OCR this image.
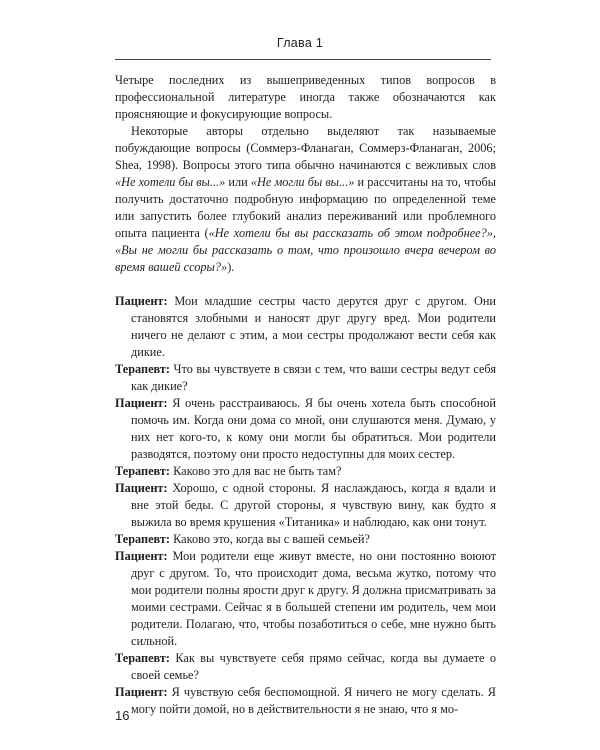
Глава 1

Четыре последних из вышеприведенных типов вопросов в профессиональной литературе иногда также обозначаются как проясняющие и фокусирующие вопросы.

Некоторые авторы отдельно выделяют так называемые побуждающие вопросы (Соммерз-Фланаган, Соммерз-Фланаган, 2006; Shea, 1998). Вопросы этого типа обычно начинаются с вежливых слов «Не хотели бы вы...» или «Не могли бы вы...» и рассчитаны на то, чтобы получить достаточно подробную информацию по определенной теме или запустить более глубокий анализ переживаний или проблемного опыта пациента («Не хотели бы вы рассказать об этом подробнее?», «Вы не могли бы рассказать о том, что произошло вчера вечером во время вашей ссоры?»).

Пациент: Мои младшие сестры часто дерутся друг с другом. Они становятся злобными и наносят друг другу вред. Мои родители ничего не делают с этим, а мои сестры продолжают вести себя как дикие.

Терапевт: Что вы чувствуете в связи с тем, что ваши сестры ведут себя как дикие?

Пациент: Я очень расстраиваюсь. Я бы очень хотела быть способной помочь им. Когда они дома со мной, они слушаются меня. Думаю, у них нет кого-то, к кому они могли бы обратиться. Мои родители разводятся, поэтому они просто недоступны для моих сестер.

Терапевт: Каково это для вас не быть там?

Пациент: Хорошо, с одной стороны. Я наслаждаюсь, когда я вдали и вне этой беды. С другой стороны, я чувствую вину, как будто я выжила во время крушения «Титаника» и наблюдаю, как они тонут.

Терапевт: Каково это, когда вы с вашей семьей?

Пациент: Мои родители еще живут вместе, но они постоянно воюют друг с другом. То, что происходит дома, весьма жутко, потому что мои родители полны ярости друг к другу. Я должна присматривать за моими сестрами. Сейчас я в большей степени им родитель, чем мои родители. Полагаю, что, чтобы позаботиться о себе, мне нужно быть сильной.

Терапевт: Как вы чувствуете себя прямо сейчас, когда вы думаете о своей семье?

Пациент: Я чувствую себя беспомощной. Я ничего не могу сделать. Я могу пойти домой, но в действительности я не знаю, что я мо-

16
